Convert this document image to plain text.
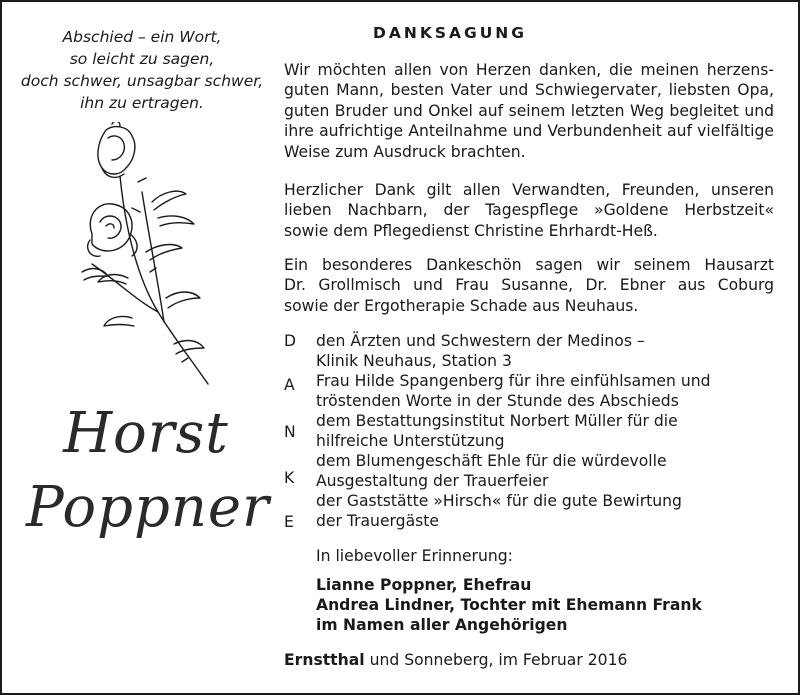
Abschied – ein Wort,
so leicht zu sagen,
doch schwer, unsagbar schwer,
ihn zu ertragen.
Horst
Poppner
DANKSAGUNG
Wir möchten allen von Herzen danken, die meinen herzens-
guten Mann, besten Vater und Schwiegervater, liebsten Opa,
guten Bruder und Onkel auf seinem letzten Weg begleitet und
ihre aufrichtige Anteilnahme und Verbundenheit auf vielfältige
Weise zum Ausdruck brachten.
Herzlicher Dank gilt allen Verwandten, Freunden, unseren
lieben Nachbarn, der Tagespflege »Goldene Herbstzeit«
sowie dem Pflegedienst Christine Ehrhardt-Heß.
Ein besonderes Dankeschön sagen wir seinem Hausarzt
Dr. Grollmisch und Frau Susanne, Dr. Ebner aus Coburg
sowie der Ergotherapie Schade aus Neuhaus.
D
A
N
K
E
den Ärzten und Schwestern der Medinos –
Klinik Neuhaus, Station 3
Frau Hilde Spangenberg für ihre einfühlsamen und
tröstenden Worte in der Stunde des Abschieds
dem Bestattungsinstitut Norbert Müller für die
hilfreiche Unterstützung
dem Blumengeschäft Ehle für die würdevolle
Ausgestaltung der Trauerfeier
der Gaststätte »Hirsch« für die gute Bewirtung
der Trauergäste
In liebevoller Erinnerung:
Lianne Poppner, Ehefrau
Andrea Lindner, Tochter mit Ehemann Frank
im Namen aller Angehörigen
Ernstthal und Sonneberg, im Februar 2016
